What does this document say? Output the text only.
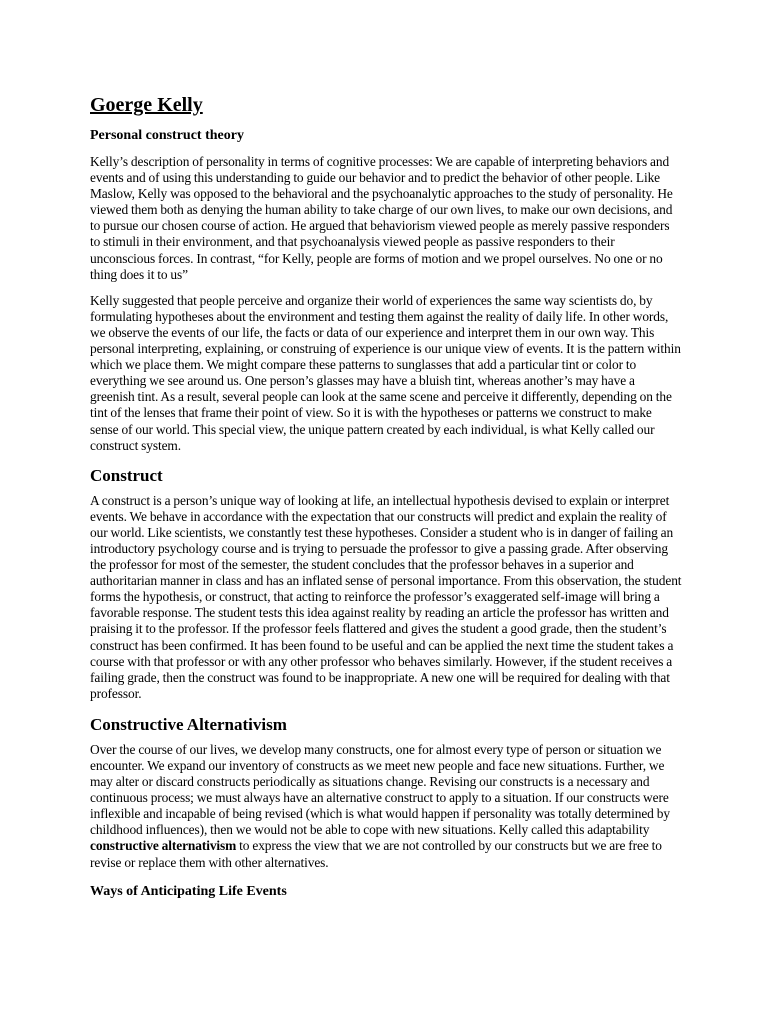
Goerge Kelly
Personal construct theory

Kelly’s description of personality in terms of cognitive processes: We are capable of interpreting behaviors and events and of using this understanding to guide our behavior and to predict the behavior of other people. Like Maslow, Kelly was opposed to the behavioral and the psychoanalytic approaches to the study of personality. He viewed them both as denying the human ability to take charge of our own lives, to make our own decisions, and to pursue our chosen course of action. He argued that behaviorism viewed people as merely passive responders to stimuli in their environment, and that psychoanalysis viewed people as passive responders to their unconscious forces. In contrast, “for Kelly, people are forms of motion and we propel ourselves. No one or no thing does it to us”

Kelly suggested that people perceive and organize their world of experiences the same way scientists do, by formulating hypotheses about the environment and testing them against the reality of daily life. In other words, we observe the events of our life, the facts or data of our experience and interpret them in our own way. This personal interpreting, explaining, or construing of experience is our unique view of events. It is the pattern within which we place them. We might compare these patterns to sunglasses that add a particular tint or color to everything we see around us. One person’s glasses may have a bluish tint, whereas another’s may have a greenish tint. As a result, several people can look at the same scene and perceive it differently, depending on the tint of the lenses that frame their point of view. So it is with the hypotheses or patterns we construct to make sense of our world. This special view, the unique pattern created by each individual, is what Kelly called our construct system.

Construct

A construct is a person’s unique way of looking at life, an intellectual hypothesis devised to explain or interpret events. We behave in accordance with the expectation that our constructs will predict and explain the reality of our world. Like scientists, we constantly test these hypotheses. Consider a student who is in danger of failing an introductory psychology course and is trying to persuade the professor to give a passing grade. After observing the professor for most of the semester, the student concludes that the professor behaves in a superior and authoritarian manner in class and has an inflated sense of personal importance. From this observation, the student forms the hypothesis, or construct, that acting to reinforce the professor’s exaggerated self-image will bring a favorable response. The student tests this idea against reality by reading an article the professor has written and praising it to the professor. If the professor feels flattered and gives the student a good grade, then the student’s construct has been confirmed. It has been found to be useful and can be applied the next time the student takes a course with that professor or with any other professor who behaves similarly. However, if the student receives a failing grade, then the construct was found to be inappropriate. A new one will be required for dealing with that professor.

Constructive Alternativism

Over the course of our lives, we develop many constructs, one for almost every type of person or situation we encounter. We expand our inventory of constructs as we meet new people and face new situations. Further, we may alter or discard constructs periodically as situations change. Revising our constructs is a necessary and continuous process; we must always have an alternative construct to apply to a situation. If our constructs were inflexible and incapable of being revised (which is what would happen if personality was totally determined by childhood influences), then we would not be able to cope with new situations. Kelly called this adaptability constructive alternativism to express the view that we are not controlled by our constructs but we are free to revise or replace them with other alternatives.

Ways of Anticipating Life Events
